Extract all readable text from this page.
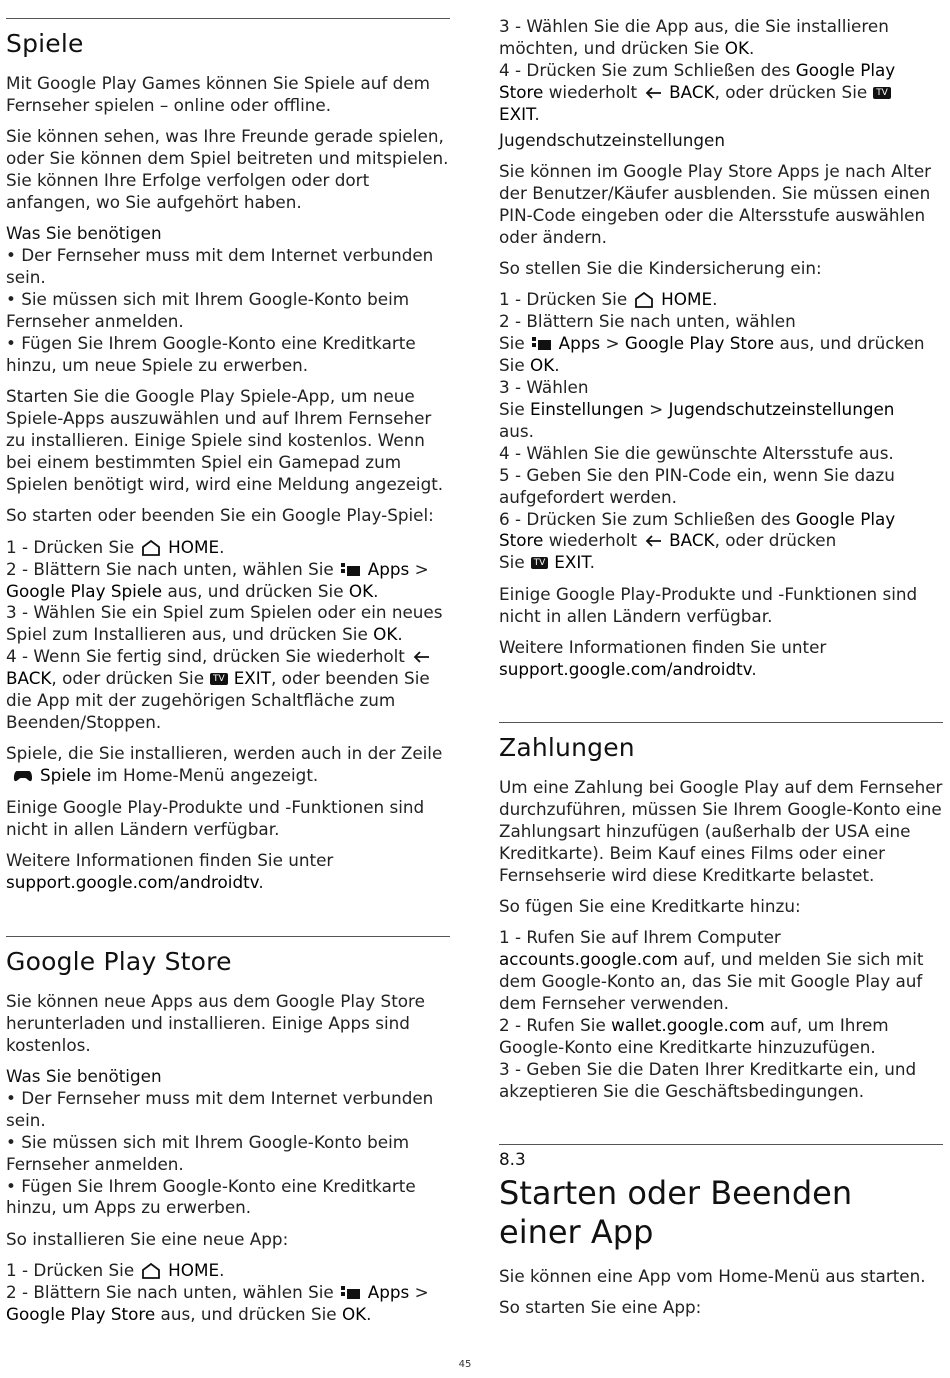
Spiele

Mit Google Play Games können Sie Spiele auf dem Fernseher spielen – online oder offline.

Sie können sehen, was Ihre Freunde gerade spielen, oder Sie können dem Spiel beitreten und mitspielen. Sie können Ihre Erfolge verfolgen oder dort anfangen, wo Sie aufgehört haben.

Was Sie benötigen
• Der Fernseher muss mit dem Internet verbunden sein.
• Sie müssen sich mit Ihrem Google-Konto beim Fernseher anmelden.
• Fügen Sie Ihrem Google-Konto eine Kreditkarte hinzu, um neue Spiele zu erwerben.

Starten Sie die Google Play Spiele-App, um neue Spiele-Apps auszuwählen und auf Ihrem Fernseher zu installieren. Einige Spiele sind kostenlos. Wenn bei einem bestimmten Spiel ein Gamepad zum Spielen benötigt wird, wird eine Meldung angezeigt.

So starten oder beenden Sie ein Google Play-Spiel:

1 - Drücken Sie HOME.
2 - Blättern Sie nach unten, wählen Sie Apps > Google Play Spiele aus, und drücken Sie OK.
3 - Wählen Sie ein Spiel zum Spielen oder ein neues Spiel zum Installieren aus, und drücken Sie OK.
4 - Wenn Sie fertig sind, drücken Sie wiederholtBACK, oder drücken Sie TV EXIT, oder beenden Sie die App mit der zugehörigen Schaltfläche zum Beenden/Stoppen.

Spiele, die Sie installieren, werden auch in der ZeileSpiele im Home-Menü angezeigt.

Einige Google Play-Produkte und -Funktionen sind nicht in allen Ländern verfügbar.

Weitere Informationen finden Sie unter
support.google.com/androidtv.

Google Play Store

Sie können neue Apps aus dem Google Play Store herunterladen und installieren. Einige Apps sind kostenlos.

Was Sie benötigen
• Der Fernseher muss mit dem Internet verbunden sein.
• Sie müssen sich mit Ihrem Google-Konto beim Fernseher anmelden.
• Fügen Sie Ihrem Google-Konto eine Kreditkarte hinzu, um Apps zu erwerben.

So installieren Sie eine neue App:

1 - Drücken Sie HOME.
2 - Blättern Sie nach unten, wählen Sie Apps > Google Play Store aus, und drücken Sie OK.
3 - Wählen Sie die App aus, die Sie installieren möchten, und drücken Sie OK.
4 - Drücken Sie zum Schließen des Google Play Store wiederholt BACK, oder drücken Sie TV
EXIT.
Jugendschutzeinstellungen

Sie können im Google Play Store Apps je nach Alter der Benutzer/Käufer ausblenden. Sie müssen einen PIN-Code eingeben oder die Altersstufe auswählen oder ändern.

So stellen Sie die Kindersicherung ein:

1 - Drücken Sie HOME.
2 - Blättern Sie nach unten, wählen
Sie Apps > Google Play Store aus, und drücken Sie OK.
3 - Wählen
Sie Einstellungen > Jugendschutzeinstellungen
aus.
4 - Wählen Sie die gewünschte Altersstufe aus.
5 - Geben Sie den PIN-Code ein, wenn Sie dazu aufgefordert werden.
6 - Drücken Sie zum Schließen des Google Play Store wiederholt BACK, oder drücken
Sie TV EXIT.

Einige Google Play-Produkte und -Funktionen sind nicht in allen Ländern verfügbar.

Weitere Informationen finden Sie unter
support.google.com/androidtv.

Zahlungen

Um eine Zahlung bei Google Play auf dem Fernseher durchzuführen, müssen Sie Ihrem Google-Konto eine Zahlungsart hinzufügen (außerhalb der USA eine Kreditkarte). Beim Kauf eines Films oder einer Fernsehserie wird diese Kreditkarte belastet.

So fügen Sie eine Kreditkarte hinzu:

1 - Rufen Sie auf Ihrem Computer
accounts.google.com auf, und melden Sie sich mit dem Google-Konto an, das Sie mit Google Play auf dem Fernseher verwenden.
2 - Rufen Sie wallet.google.com auf, um Ihrem Google-Konto eine Kreditkarte hinzuzufügen.
3 - Geben Sie die Daten Ihrer Kreditkarte ein, und akzeptieren Sie die Geschäftsbedingungen.
8.3
Starten oder Beenden einer App

Sie können eine App vom Home-Menü aus starten.

So starten Sie eine App:

45
